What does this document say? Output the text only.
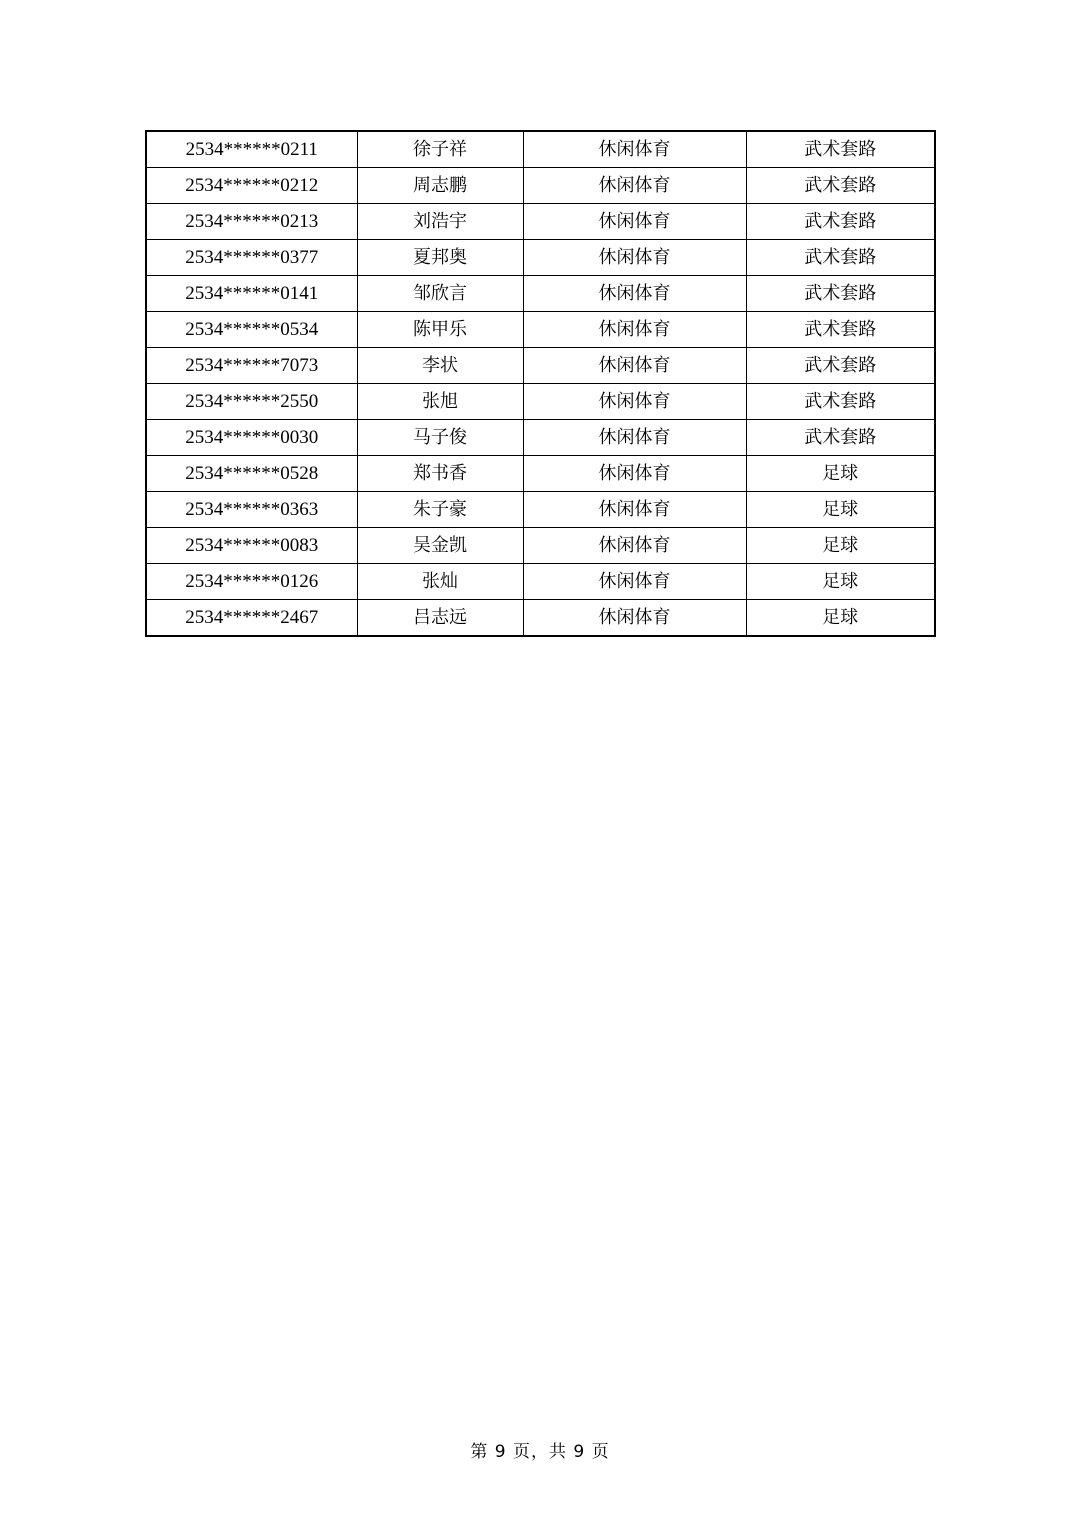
2534******0211	徐子祥	休闲体育	武术套路
2534******0212	周志鹏	休闲体育	武术套路
2534******0213	刘浩宇	休闲体育	武术套路
2534******0377	夏邦奥	休闲体育	武术套路
2534******0141	邹欣言	休闲体育	武术套路
2534******0534	陈甲乐	休闲体育	武术套路
2534******7073	李状	休闲体育	武术套路
2534******2550	张旭	休闲体育	武术套路
2534******0030	马子俊	休闲体育	武术套路
2534******0528	郑书香	休闲体育	足球
2534******0363	朱子豪	休闲体育	足球
2534******0083	吴金凯	休闲体育	足球
2534******0126	张灿	休闲体育	足球
2534******2467	吕志远	休闲体育	足球
第 9 页，共 9 页
